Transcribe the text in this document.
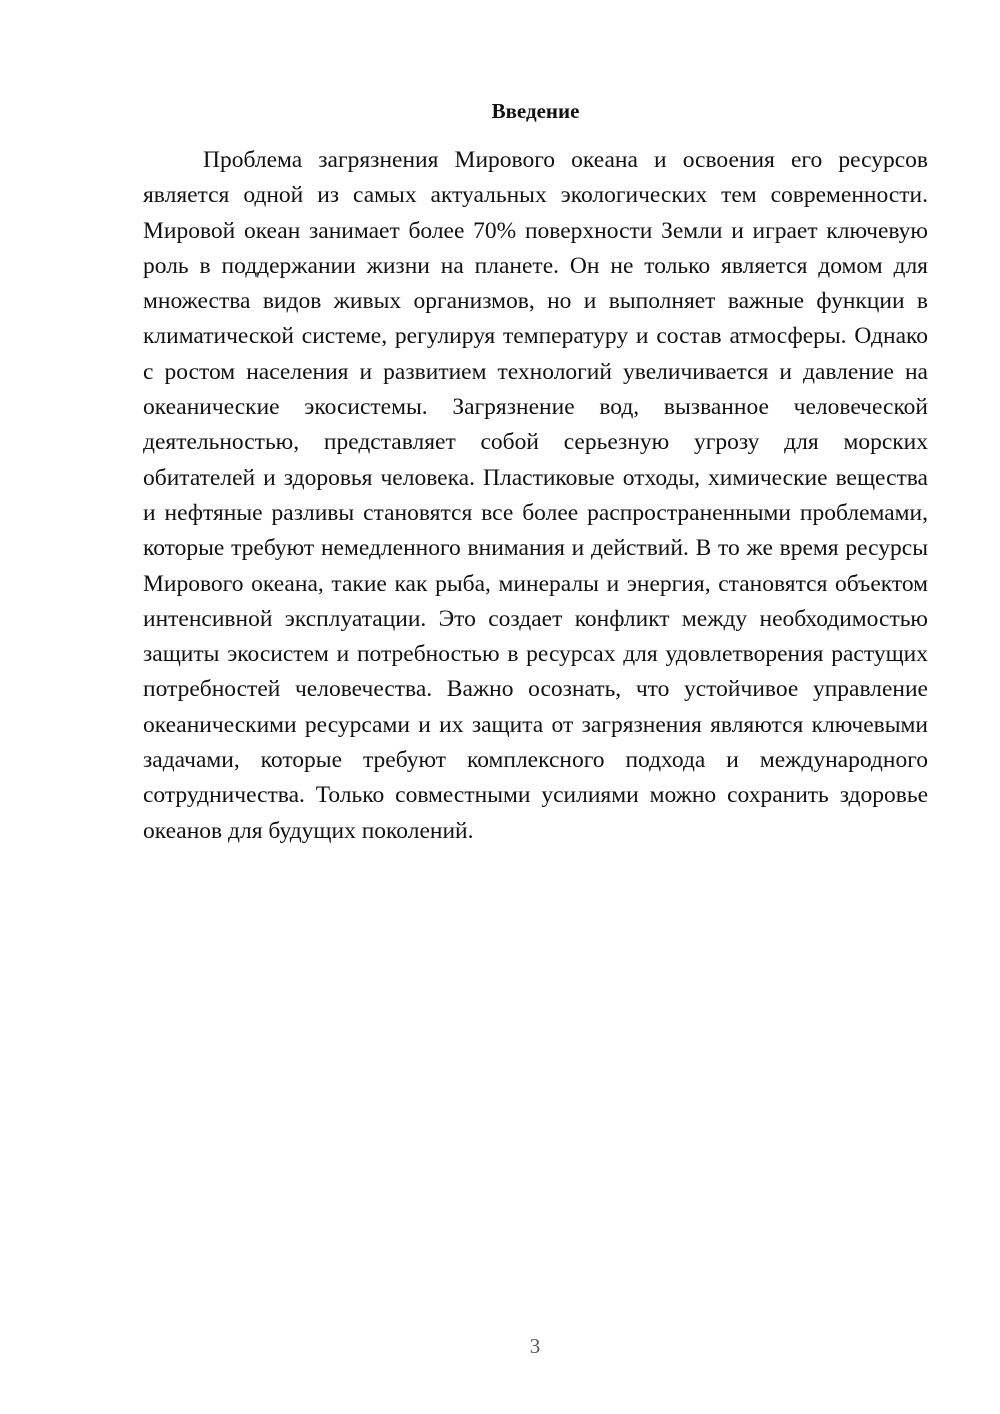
Введение

Проблема загрязнения Мирового океана и освоения его ресурсов является одной из самых актуальных экологических тем современности. Мировой океан занимает более 70% поверхности Земли и играет ключевую роль в поддержании жизни на планете. Он не только является домом для множества видов живых организмов, но и выполняет важные функции в климатической системе, регулируя температуру и состав атмосферы. Однако с ростом населения и развитием технологий увеличивается и давление на океанические экосистемы. Загрязнение вод, вызванное человеческой деятельностью, представляет собой серьезную угрозу для морских обитателей и здоровья человека. Пластиковые отходы, химические вещества и нефтяные разливы становятся все более распространенными проблемами, которые требуют немедленного внимания и действий. В то же время ресурсы Мирового океана, такие как рыба, минералы и энергия, становятся объектом интенсивной эксплуатации. Это создает конфликт между необходимостью защиты экосистем и потребностью в ресурсах для удовлетворения растущих потребностей человечества. Важно осознать, что устойчивое управление океаническими ресурсами и их защита от загрязнения являются ключевыми задачами, которые требуют комплексного подхода и международного сотрудничества. Только совместными усилиями можно сохранить здоровье океанов для будущих поколений.

3
